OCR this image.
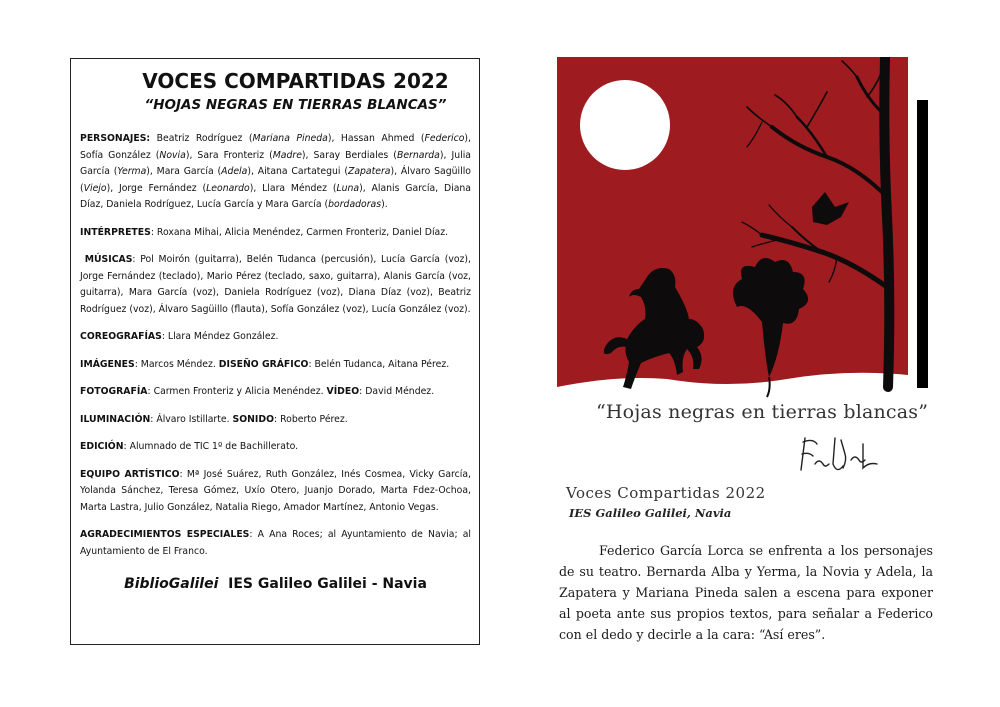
VOCES COMPARTIDAS 2022
“HOJAS NEGRAS EN TIERRAS BLANCAS”

PERSONAJES: Beatriz Rodríguez (Mariana Pineda), Hassan Ahmed (Federico), Sofía González (Novia), Sara Fronteriz (Madre), Saray Berdiales (Bernarda), Julia García (Yerma), Mara García (Adela), Aitana Cartategui (Zapatera), Álvaro Sagüillo (Viejo), Jorge Fernández (Leonardo), Llara Méndez (Luna), Alanis García, Diana Díaz, Daniela Rodríguez, Lucía García y Mara García (bordadoras).

INTÉRPRETES: Roxana Mihai, Alicia Menéndez, Carmen Fronteriz, Daniel Díaz.

MÚSICAS: Pol Moirón (guitarra), Belén Tudanca (percusión), Lucía García (voz), Jorge Fernández (teclado), Mario Pérez (teclado, saxo, guitarra), Alanis García (voz, guitarra), Mara García (voz), Daniela Rodríguez (voz), Diana Díaz (voz), Beatriz Rodríguez (voz), Álvaro Sagüillo (flauta), Sofía González (voz), Lucía González (voz).

COREOGRAFÍAS: Llara Méndez González.

IMÁGENES: Marcos Méndez. DISEÑO GRÁFICO: Belén Tudanca, Aitana Pérez.

FOTOGRAFÍA: Carmen Fronteriz y Alicia Menéndez. VÍDEO: David Méndez.

ILUMINACIÓN: Álvaro Istillarte. SONIDO: Roberto Pérez.

EDICIÓN: Alumnado de TIC 1º de Bachillerato.

EQUIPO ARTÍSTICO: Mª José Suárez, Ruth González, Inés Cosmea, Vicky García, Yolanda Sánchez, Teresa Gómez, Uxío Otero, Juanjo Dorado, Marta Fdez-Ochoa, Marta Lastra, Julio González, Natalia Riego, Amador Martínez, Antonio Vegas.

AGRADECIMIENTOS ESPECIALES: A Ana Roces; al Ayuntamiento de Navia; al Ayuntamiento de El Franco.

BiblioGalilei  IES Galileo Galilei - Navia
“Hojas negras en tierras blancas”
Voces Compartidas 2022
IES Galileo Galilei, Navia
Federico García Lorca se enfrenta a los personajes de su teatro. Bernarda Alba y Yerma, la Novia y Adela, la Zapatera y Mariana Pineda salen a escena para exponer al poeta ante sus propios textos, para señalar a Federico con el dedo y decirle a la cara: “Así eres”.
